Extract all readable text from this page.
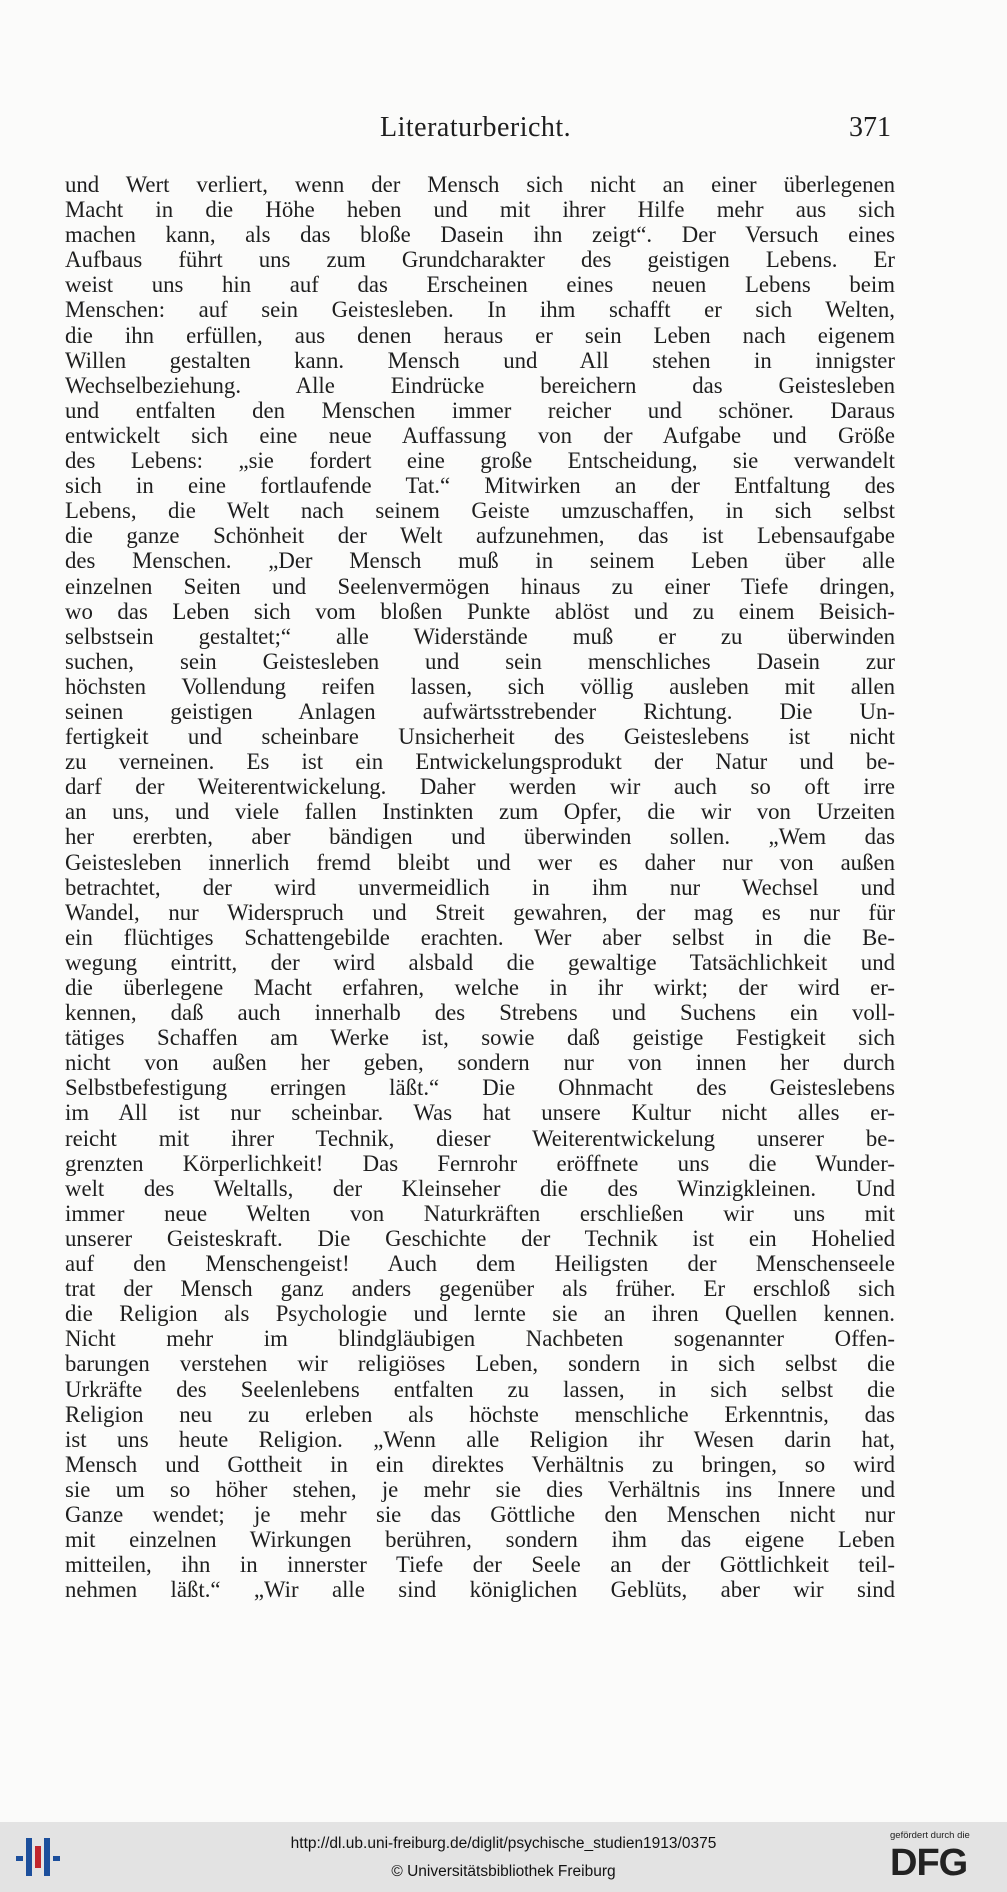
Literaturbericht.	371
und Wert verliert, wenn der Mensch sich nicht an einer überlegenen
Macht in die Höhe heben und mit ihrer Hilfe mehr aus sich
machen kann, als das bloße Dasein ihn zeigt“. Der Versuch eines
Aufbaus führt uns zum Grundcharakter des geistigen Lebens. Er
weist uns hin auf das Erscheinen eines neuen Lebens beim
Menschen: auf sein Geistesleben. In ihm schafft er sich Welten,
die ihn erfüllen, aus denen heraus er sein Leben nach eigenem
Willen gestalten kann. Mensch und All stehen in innigster
Wechselbeziehung. Alle Eindrücke bereichern das Geistesleben
und entfalten den Menschen immer reicher und schöner. Daraus
entwickelt sich eine neue Auffassung von der Aufgabe und Größe
des Lebens: „sie fordert eine große Entscheidung, sie verwandelt
sich in eine fortlaufende Tat.“ Mitwirken an der Entfaltung des
Lebens, die Welt nach seinem Geiste umzuschaffen, in sich selbst
die ganze Schönheit der Welt aufzunehmen, das ist Lebensaufgabe
des Menschen. „Der Mensch muß in seinem Leben über alle
einzelnen Seiten und Seelenvermögen hinaus zu einer Tiefe dringen,
wo das Leben sich vom bloßen Punkte ablöst und zu einem Beisich-
selbstsein gestaltet;“ alle Widerstände muß er zu überwinden
suchen, sein Geistesleben und sein menschliches Dasein zur
höchsten Vollendung reifen lassen, sich völlig ausleben mit allen
seinen geistigen Anlagen aufwärtsstrebender Richtung. Die Un-
fertigkeit und scheinbare Unsicherheit des Geisteslebens ist nicht
zu verneinen. Es ist ein Entwickelungsprodukt der Natur und be-
darf der Weiterentwickelung. Daher werden wir auch so oft irre
an uns, und viele fallen Instinkten zum Opfer, die wir von Urzeiten
her ererbten, aber bändigen und überwinden sollen. „Wem das
Geistesleben innerlich fremd bleibt und wer es daher nur von außen
betrachtet, der wird unvermeidlich in ihm nur Wechsel und
Wandel, nur Widerspruch und Streit gewahren, der mag es nur für
ein flüchtiges Schattengebilde erachten. Wer aber selbst in die Be-
wegung eintritt, der wird alsbald die gewaltige Tatsächlichkeit und
die überlegene Macht erfahren, welche in ihr wirkt; der wird er-
kennen, daß auch innerhalb des Strebens und Suchens ein voll-
tätiges Schaffen am Werke ist, sowie daß geistige Festigkeit sich
nicht von außen her geben, sondern nur von innen her durch
Selbstbefestigung erringen läßt.“ Die Ohnmacht des Geisteslebens
im All ist nur scheinbar. Was hat unsere Kultur nicht alles er-
reicht mit ihrer Technik, dieser Weiterentwickelung unserer be-
grenzten Körperlichkeit! Das Fernrohr eröffnete uns die Wunder-
welt des Weltalls, der Kleinseher die des Winzigkleinen. Und
immer neue Welten von Naturkräften erschließen wir uns mit
unserer Geisteskraft. Die Geschichte der Technik ist ein Hohelied
auf den Menschengeist! Auch dem Heiligsten der Menschenseele
trat der Mensch ganz anders gegenüber als früher. Er erschloß sich
die Religion als Psychologie und lernte sie an ihren Quellen kennen.
Nicht mehr im blindgläubigen Nachbeten sogenannter Offen-
barungen verstehen wir religiöses Leben, sondern in sich selbst die
Urkräfte des Seelenlebens entfalten zu lassen, in sich selbst die
Religion neu zu erleben als höchste menschliche Erkenntnis, das
ist uns heute Religion. „Wenn alle Religion ihr Wesen darin hat,
Mensch und Gottheit in ein direktes Verhältnis zu bringen, so wird
sie um so höher stehen, je mehr sie dies Verhältnis ins Innere und
Ganze wendet; je mehr sie das Göttliche den Menschen nicht nur
mit einzelnen Wirkungen berühren, sondern ihm das eigene Leben
mitteilen, ihn in innerster Tiefe der Seele an der Göttlichkeit teil-
nehmen läßt.“ „Wir alle sind königlichen Geblüts, aber wir sind
http://dl.ub.uni-freiburg.de/diglit/psychische_studien1913/0375
© Universitätsbibliothek Freiburg
gefördert durch die
DFG
